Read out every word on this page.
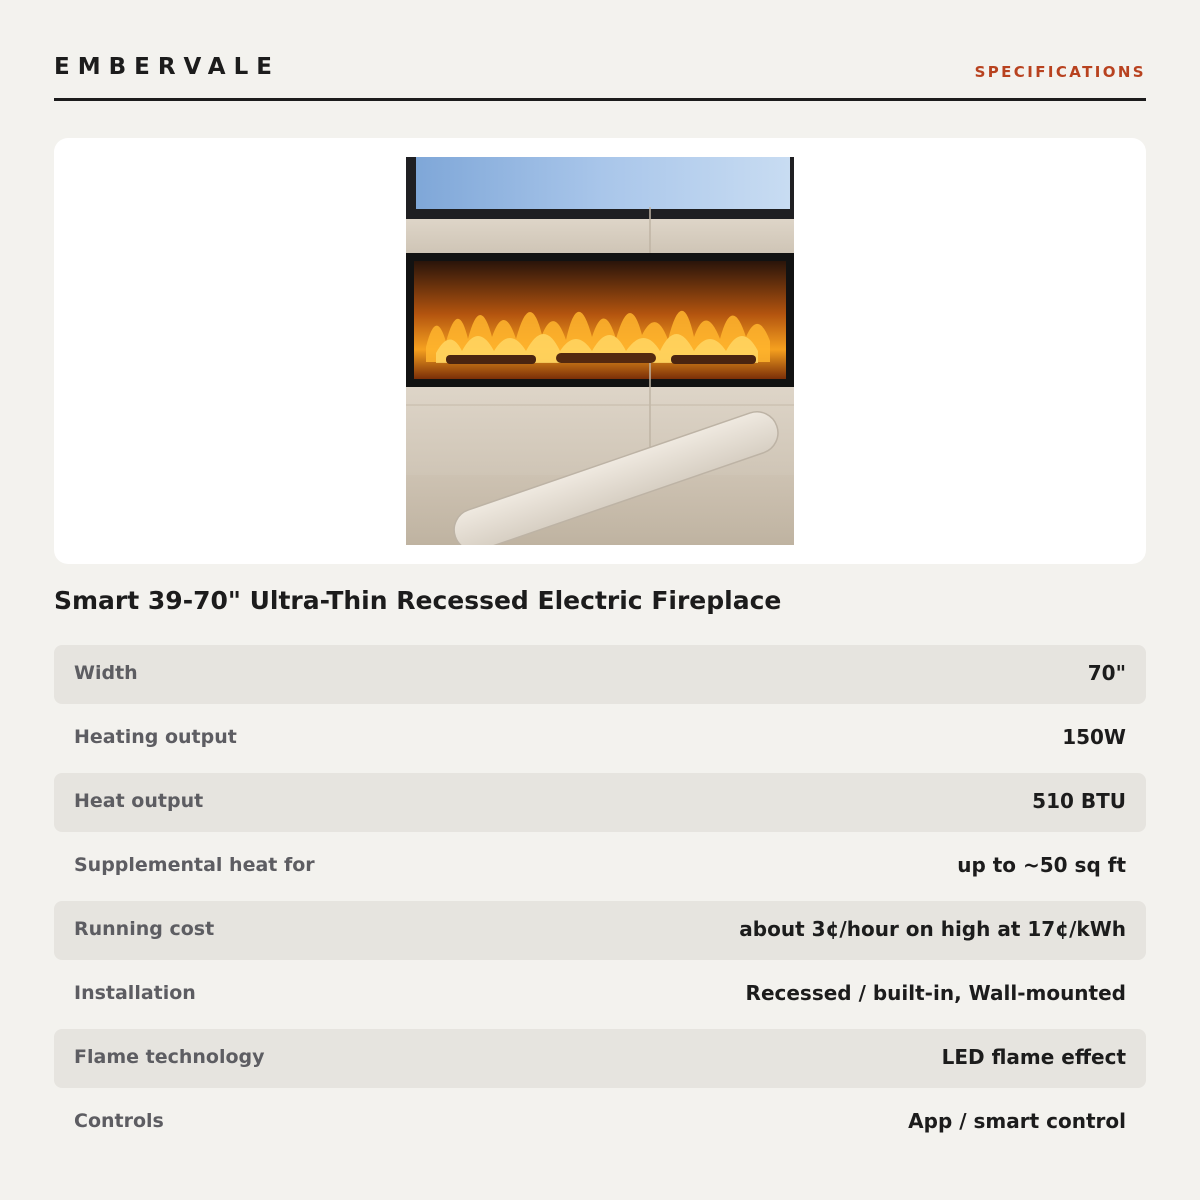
EMBERVALE	SPECIFICATIONS
Smart 39-70" Ultra-Thin Recessed Electric Fireplace
Width	70"
Heating output	150W
Heat output	510 BTU
Supplemental heat for	up to ~50 sq ft
Running cost	about 3¢/hour on high at 17¢/kWh
Installation	Recessed / built-in, Wall-mounted
Flame technology	LED flame effect
Controls	App / smart control
